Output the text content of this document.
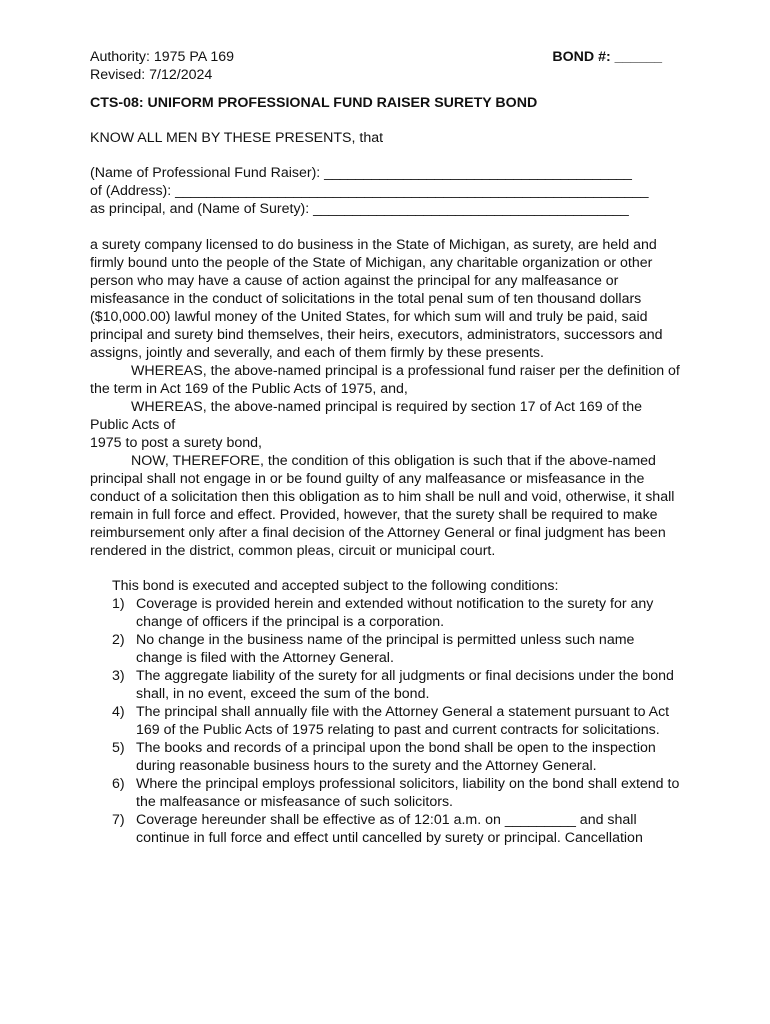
Authority: 1975 PA 169
Revised: 7/12/2024
BOND #: ______
CTS-08: UNIFORM PROFESSIONAL FUND RAISER SURETY BOND
KNOW ALL MEN BY THESE PRESENTS, that
(Name of Professional Fund Raiser): _______________________________________
of (Address): ____________________________________________________________
as principal, and (Name of Surety): ________________________________________

a surety company licensed to do business in the State of Michigan, as surety, are held and firmly bound unto the people of the State of Michigan, any charitable organization or other person who may have a cause of action against the principal for any malfeasance or misfeasance in the conduct of solicitations in the total penal sum of ten thousand dollars ($10,000.00) lawful money of the United States, for which sum will and truly be paid, said principal and surety bind themselves, their heirs, executors, administrators, successors and assigns, jointly and severally, and each of them firmly by these presents.

WHEREAS, the above-named principal is a professional fund raiser per the definition of the term in Act 169 of the Public Acts of 1975, and,

WHEREAS, the above-named principal is required by section 17 of Act 169 of the Public Acts of

1975 to post a surety bond,

NOW, THEREFORE, the condition of this obligation is such that if the above-named principal shall not engage in or be found guilty of any malfeasance or misfeasance in the conduct of a solicitation then this obligation as to him shall be null and void, otherwise, it shall remain in full force and effect. Provided, however, that the surety shall be required to make reimbursement only after a final decision of the Attorney General or final judgment has been rendered in the district, common pleas, circuit or municipal court.

This bond is executed and accepted subject to the following conditions:

1) Coverage is provided herein and extended without notification to the surety for any change of officers if the principal is a corporation.
2) No change in the business name of the principal is permitted unless such name change is filed with the Attorney General.
3) The aggregate liability of the surety for all judgments or final decisions under the bond shall, in no event, exceed the sum of the bond.
4) The principal shall annually file with the Attorney General a statement pursuant to Act 169 of the Public Acts of 1975 relating to past and current contracts for solicitations.
5) The books and records of a principal upon the bond shall be open to the inspection during reasonable business hours to the surety and the Attorney General.
6) Where the principal employs professional solicitors, liability on the bond shall extend to the malfeasance or misfeasance of such solicitors.
7) Coverage hereunder shall be effective as of 12:01 a.m. on _________ and shall continue in full force and effect until cancelled by surety or principal. Cancellation
